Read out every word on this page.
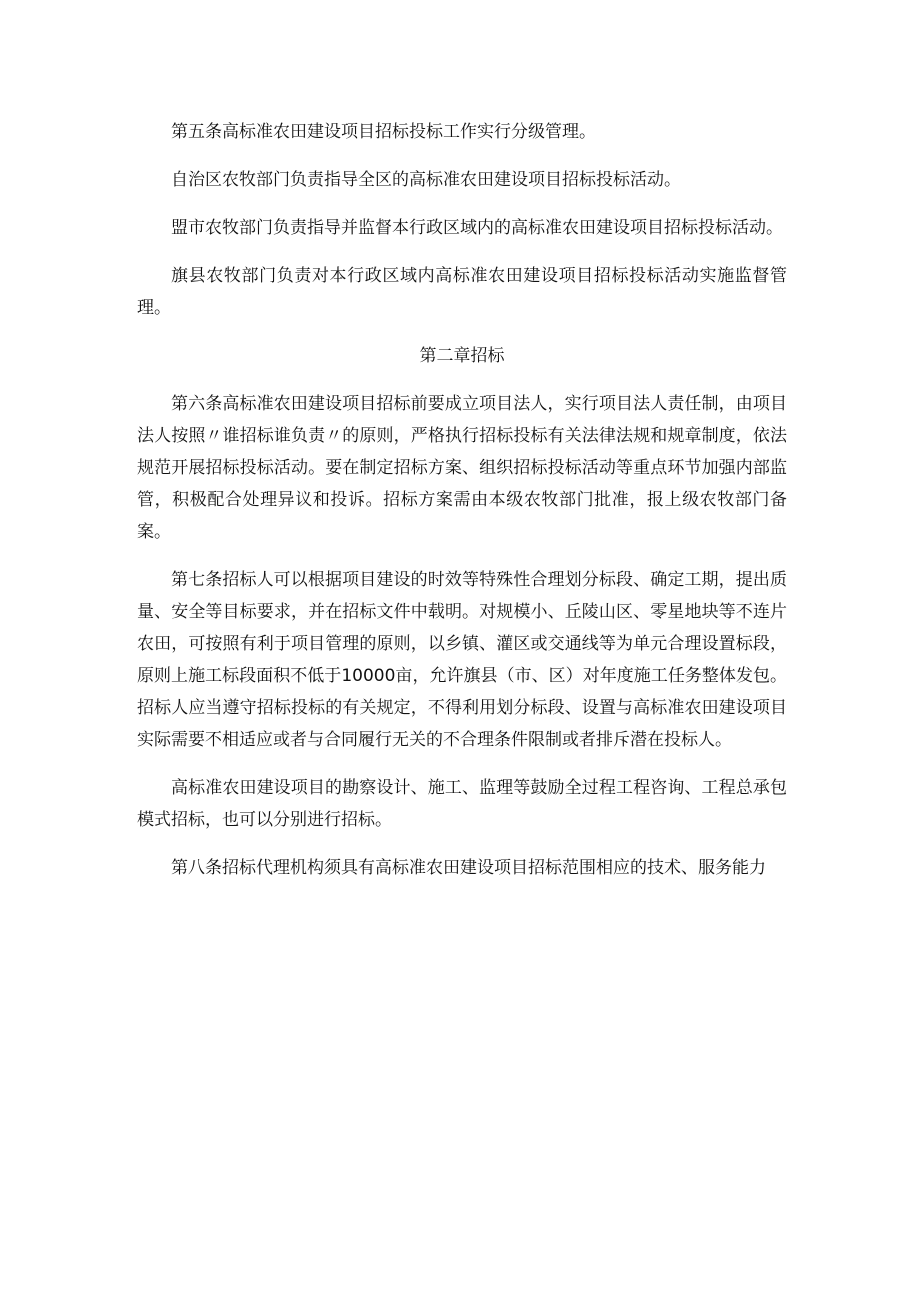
第五条高标准农田建设项目招标投标工作实行分级管理。

自治区农牧部门负责指导全区的高标准农田建设项目招标投标活动。

盟市农牧部门负责指导并监督本行政区域内的高标准农田建设项目招标投标活动。

旗县农牧部门负责对本行政区域内高标准农田建设项目招标投标活动实施监督管理。

第二章招标

第六条高标准农田建设项目招标前要成立项目法人，实行项目法人责任制，由项目法人按照〃谁招标谁负责〃的原则，严格执行招标投标有关法律法规和规章制度，依法规范开展招标投标活动。要在制定招标方案、组织招标投标活动等重点环节加强内部监管，积极配合处理异议和投诉。招标方案需由本级农牧部门批准，报上级农牧部门备案。

第七条招标人可以根据项目建设的时效等特殊性合理划分标段、确定工期，提出质量、安全等目标要求，并在招标文件中载明。对规模小、丘陵山区、零星地块等不连片农田，可按照有利于项目管理的原则，以乡镇、灌区或交通线等为单元合理设置标段，原则上施工标段面积不低于10000亩，允许旗县（市、区）对年度施工任务整体发包。招标人应当遵守招标投标的有关规定，不得利用划分标段、设置与高标准农田建设项目实际需要不相适应或者与合同履行无关的不合理条件限制或者排斥潜在投标人。

高标准农田建设项目的勘察设计、施工、监理等鼓励全过程工程咨询、工程总承包模式招标，也可以分别进行招标。

第八条招标代理机构须具有高标准农田建设项目招标范围相应的技术、服务能力
